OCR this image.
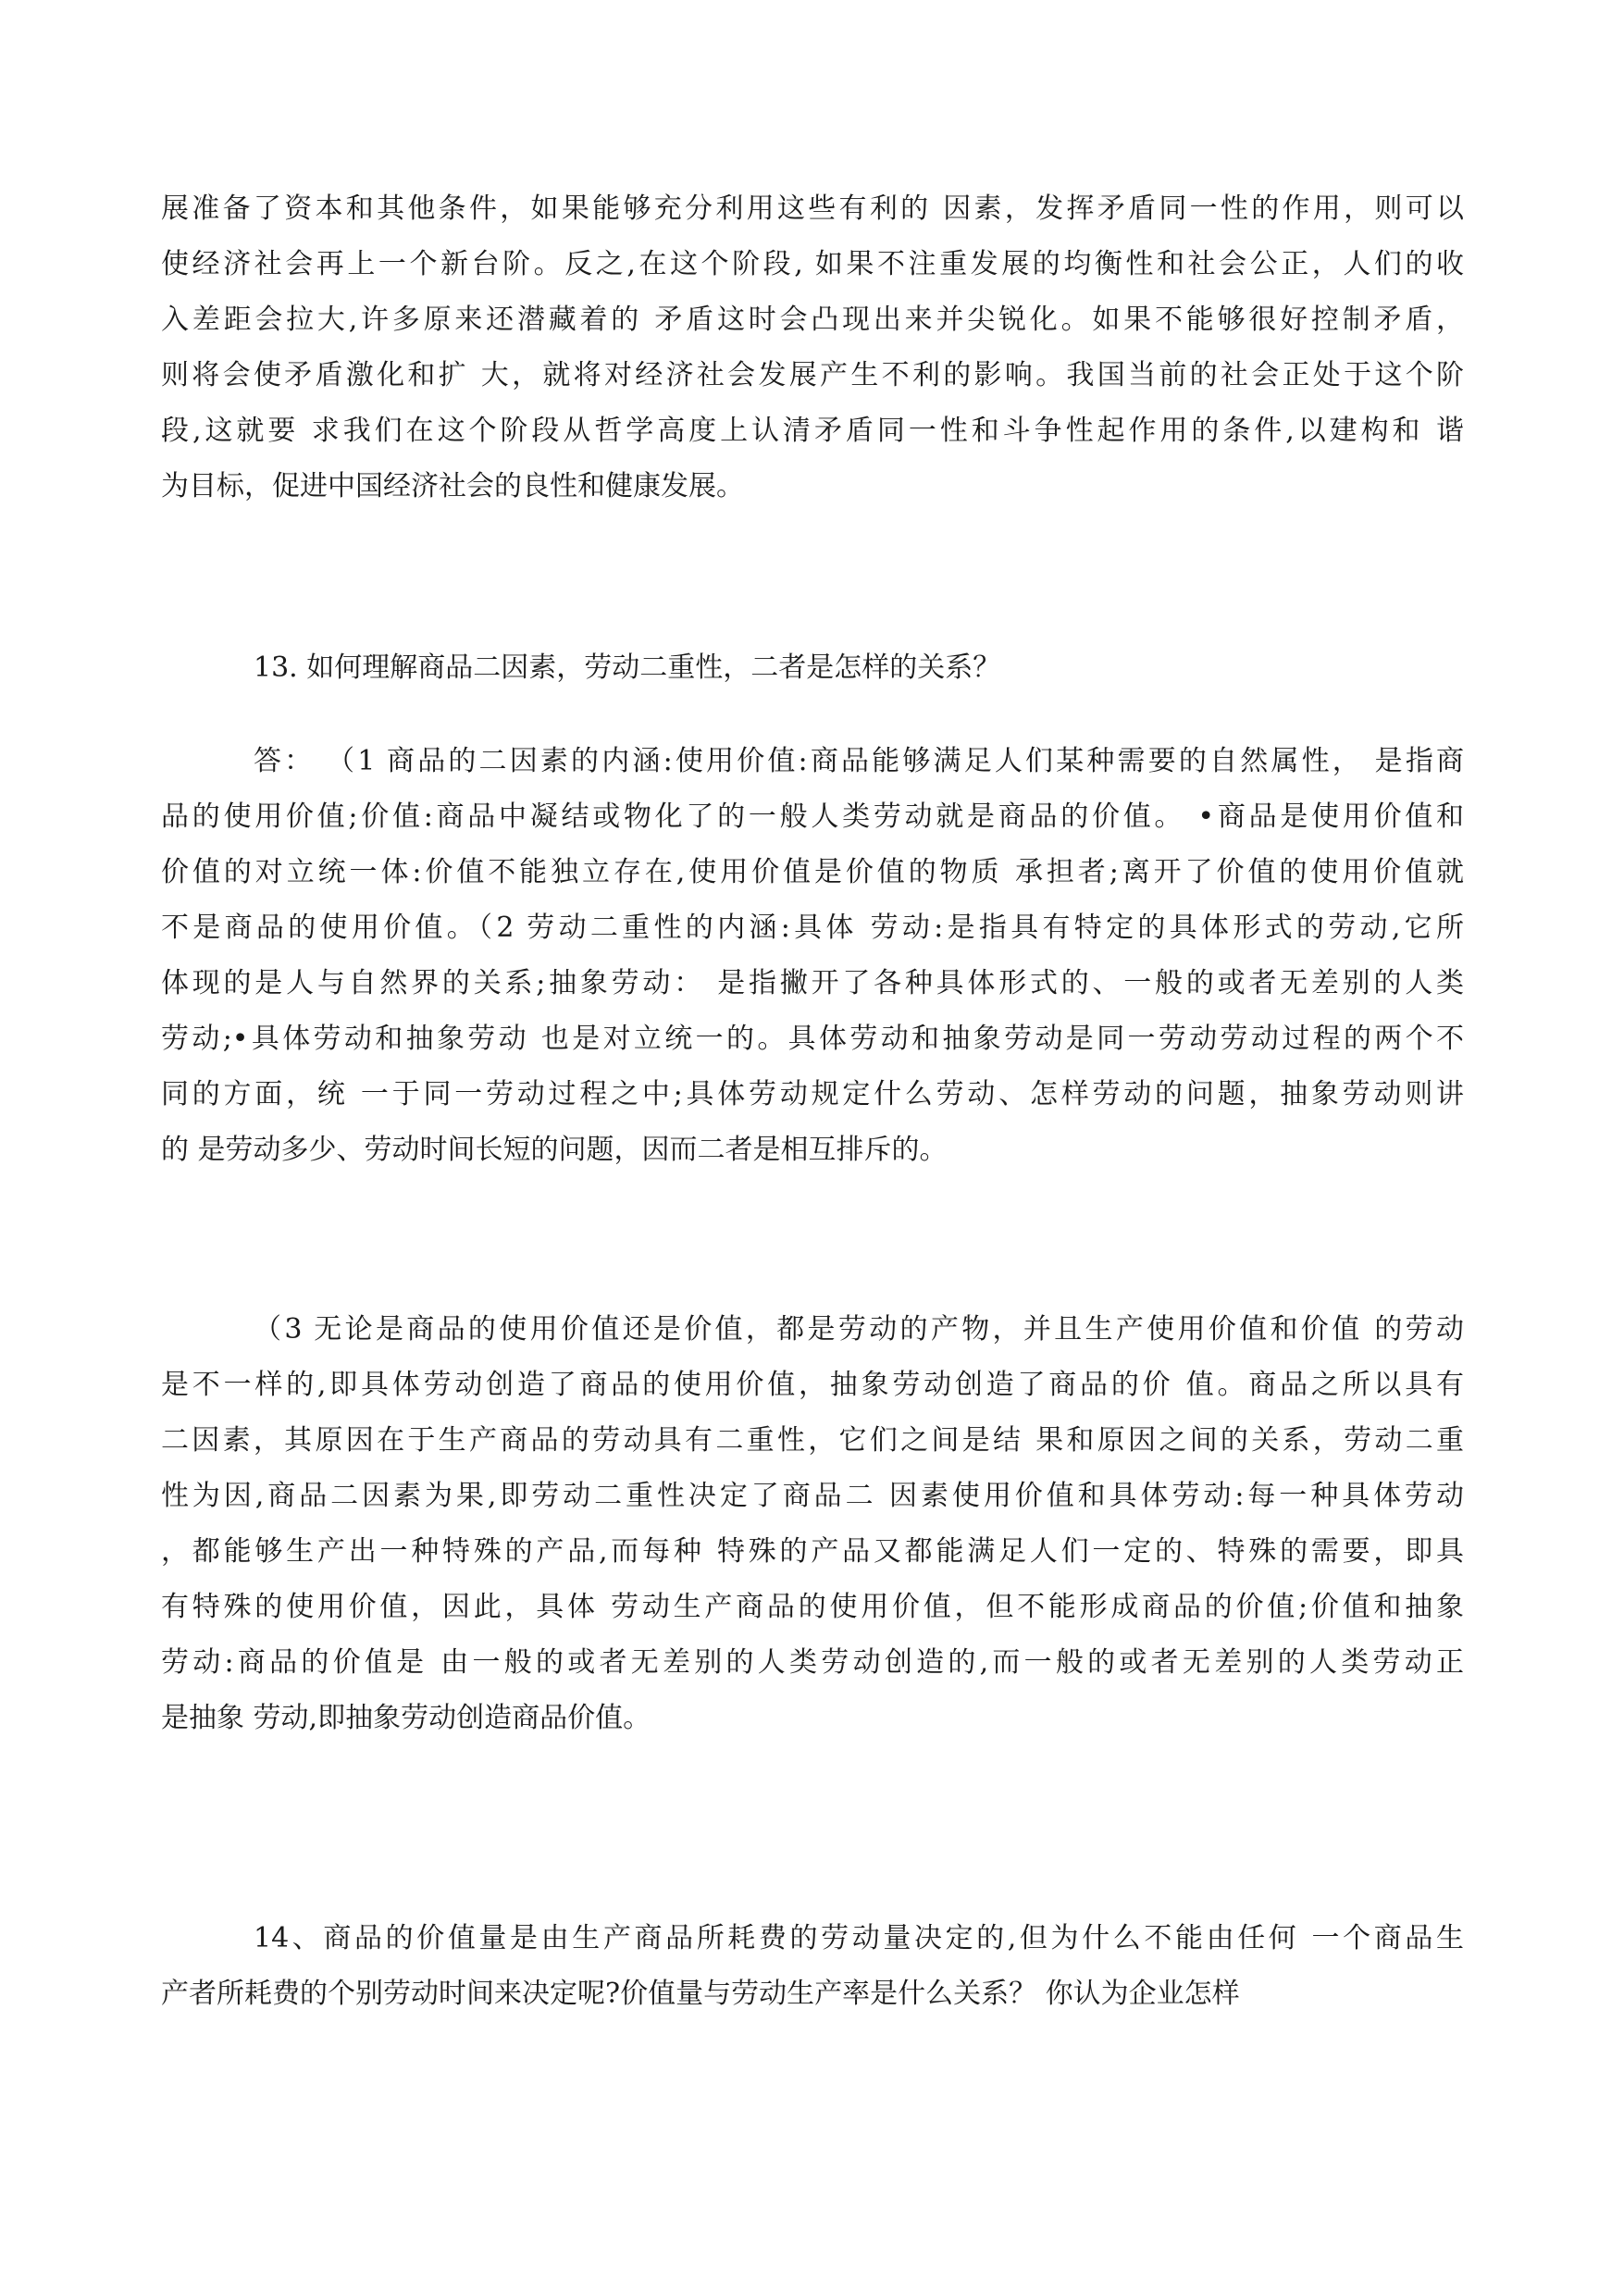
展准备了资本和其他条件，如果能够充分利用这些有利的 因素，发挥矛盾同一性的作用，则可以
使经济社会再上一个新台阶。反之,在这个阶段, 如果不注重发展的均衡性和社会公正，人们的收
入差距会拉大,许多原来还潜藏着的 矛盾这时会凸现出来并尖锐化。如果不能够很好控制矛盾，
则将会使矛盾激化和扩 大，就将对经济社会发展产生不利的影响。我国当前的社会正处于这个阶
段,这就要 求我们在这个阶段从哲学高度上认清矛盾同一性和斗争性起作用的条件,以建构和 谐
为目标，促进中国经济社会的良性和健康发展。
13. 如何理解商品二因素，劳动二重性，二者是怎样的关系？
答： （1 商品的二因素的内涵:使用价值:商品能够满足人们某种需要的自然属性， 是指商
品的使用价值;价值:商品中凝结或物化了的一般人类劳动就是商品的价值。 •商品是使用价值和
价值的对立统一体:价值不能独立存在,使用价值是价值的物质 承担者;离开了价值的使用价值就
不是商品的使用价值。（2 劳动二重性的内涵:具体 劳动:是指具有特定的具体形式的劳动,它所
体现的是人与自然界的关系;抽象劳动： 是指撇开了各种具体形式的、一般的或者无差别的人类
劳动;•具体劳动和抽象劳动 也是对立统一的。具体劳动和抽象劳动是同一劳动劳动过程的两个不
同的方面，统 一于同一劳动过程之中;具体劳动规定什么劳动、怎样劳动的问题，抽象劳动则讲
的 是劳动多少、劳动时间长短的问题，因而二者是相互排斥的。
（3 无论是商品的使用价值还是价值，都是劳动的产物，并且生产使用价值和价值 的劳动
是不一样的,即具体劳动创造了商品的使用价值，抽象劳动创造了商品的价 值。商品之所以具有
二因素，其原因在于生产商品的劳动具有二重性，它们之间是结 果和原因之间的关系，劳动二重
性为因,商品二因素为果,即劳动二重性决定了商品二 因素使用价值和具体劳动:每一种具体劳动
，都能够生产出一种特殊的产品,而每种 特殊的产品又都能满足人们一定的、特殊的需要，即具
有特殊的使用价值，因此，具体 劳动生产商品的使用价值，但不能形成商品的价值;价值和抽象
劳动:商品的价值是 由一般的或者无差别的人类劳动创造的,而一般的或者无差别的人类劳动正
是抽象 劳动,即抽象劳动创造商品价值。
14、商品的价值量是由生产商品所耗费的劳动量决定的,但为什么不能由任何 一个商品生
产者所耗费的个别劳动时间来决定呢?价值量与劳动生产率是什么关系？ 你认为企业怎样
